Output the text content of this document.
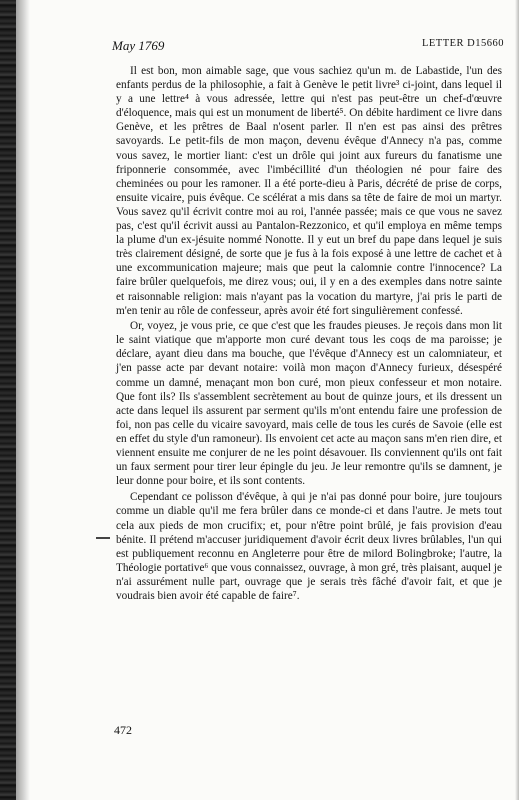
May 1769	LETTER D15660

Il est bon, mon aimable sage, que vous sachiez qu'un m. de Labastide, l'un des enfants perdus de la philosophie, a fait à Genève le petit livre³ ci-joint, dans lequel il y a une lettre⁴ à vous adressée, lettre qui n'est pas peut-être un chef-d'œuvre d'éloquence, mais qui est un monument de liberté⁵. On débite hardiment ce livre dans Genève, et les prêtres de Baal n'osent parler. Il n'en est pas ainsi des prêtres savoyards. Le petit-fils de mon maçon, devenu évêque d'Annecy n'a pas, comme vous savez, le mortier liant: c'est un drôle qui joint aux fureurs du fanatisme une friponnerie consommée, avec l'imbécillité d'un théologien né pour faire des cheminées ou pour les ramoner. Il a été porte-dieu à Paris, décrété de prise de corps, ensuite vicaire, puis évêque. Ce scélérat a mis dans sa tête de faire de moi un martyr. Vous savez qu'il écrivit contre moi au roi, l'année passée; mais ce que vous ne savez pas, c'est qu'il écrivit aussi au Pantalon-Rezzonico, et qu'il employa en même temps la plume d'un ex-jésuite nommé Nonotte. Il y eut un bref du pape dans lequel je suis très clairement désigné, de sorte que je fus à la fois exposé à une lettre de cachet et à une excommunication majeure; mais que peut la calomnie contre l'innocence? La faire brûler quelquefois, me direz vous; oui, il y en a des exemples dans notre sainte et raisonnable religion: mais n'ayant pas la vocation du martyre, j'ai pris le parti de m'en tenir au rôle de confesseur, après avoir été fort singulièrement confessé.

Or, voyez, je vous prie, ce que c'est que les fraudes pieuses. Je reçois dans mon lit le saint viatique que m'apporte mon curé devant tous les coqs de ma paroisse; je déclare, ayant dieu dans ma bouche, que l'évêque d'Annecy est un calomniateur, et j'en passe acte par devant notaire: voilà mon maçon d'Annecy furieux, désespéré comme un damné, menaçant mon bon curé, mon pieux confesseur et mon notaire. Que font ils? Ils s'assemblent secrètement au bout de quinze jours, et ils dressent un acte dans lequel ils assurent par serment qu'ils m'ont entendu faire une profession de foi, non pas celle du vicaire savoyard, mais celle de tous les curés de Savoie (elle est en effet du style d'un ramoneur). Ils envoient cet acte au maçon sans m'en rien dire, et viennent ensuite me conjurer de ne les point désavouer. Ils conviennent qu'ils ont fait un faux serment pour tirer leur épingle du jeu. Je leur remontre qu'ils se damnent, je leur donne pour boire, et ils sont contents.

Cependant ce polisson d'évêque, à qui je n'ai pas donné pour boire, jure toujours comme un diable qu'il me fera brûler dans ce monde-ci et dans l'autre. Je mets tout cela aux pieds de mon crucifix; et, pour n'être point brûlé, je fais provision d'eau bénite. Il prétend m'accuser juridiquement d'avoir écrit deux livres brûlables, l'un qui est publiquement reconnu en Angleterre pour être de milord Bolingbroke; l'autre, la Théologie portative⁶ que vous connaissez, ouvrage, à mon gré, très plaisant, auquel je n'ai assurément nulle part, ouvrage que je serais très fâché d'avoir fait, et que je voudrais bien avoir été capable de faire⁷.

472
